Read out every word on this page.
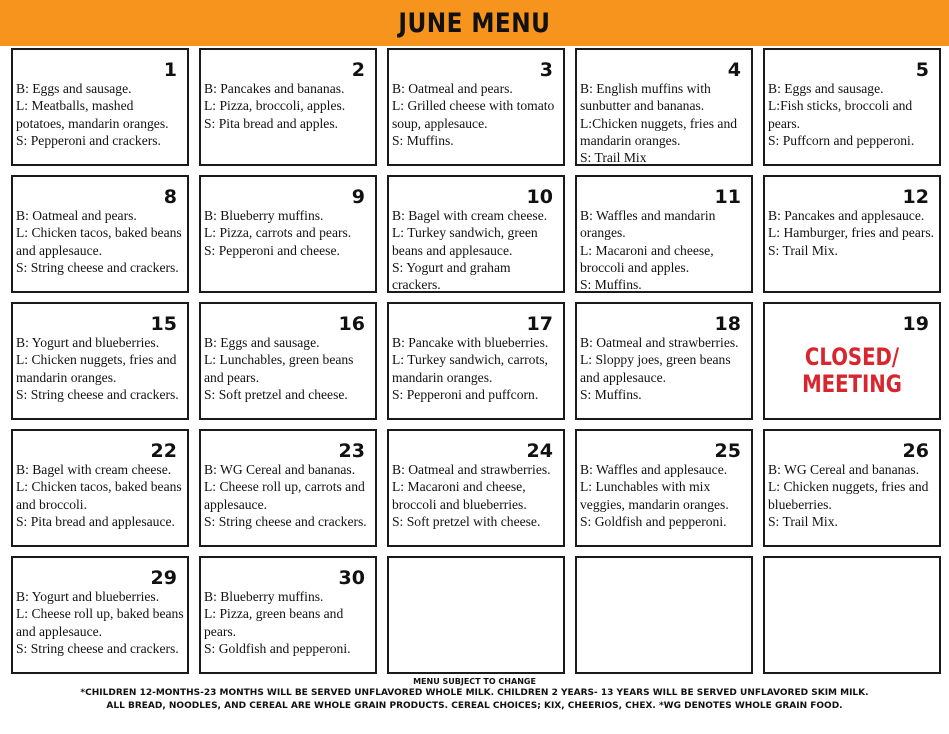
JUNE MENU
1
B: Eggs and sausage.
L: Meatballs, mashed potatoes, mandarin oranges.
S: Pepperoni and crackers.
2
B: Pancakes and bananas.
L: Pizza, broccoli, apples.
S: Pita bread and apples.
3
B: Oatmeal and pears.
L: Grilled cheese with tomato soup, applesauce.
S: Muffins.
4
B: English muffins with sunbutter and bananas.
L:Chicken nuggets, fries and mandarin oranges.
S: Trail Mix
5
B: Eggs and sausage.
L:Fish sticks, broccoli and pears.
S: Puffcorn and pepperoni.
8
B: Oatmeal and pears.
L: Chicken tacos, baked beans and applesauce.
S: String cheese and crackers.
9
B: Blueberry muffins.
L: Pizza, carrots and pears.
S: Pepperoni and cheese.
10
B: Bagel with cream cheese.
L: Turkey sandwich, green beans and applesauce.
S: Yogurt and graham crackers.
11
B: Waffles and mandarin oranges.
L: Macaroni and cheese, broccoli and apples.
S: Muffins.
12
B: Pancakes and applesauce.
L: Hamburger, fries and pears.
S: Trail Mix.
15
B: Yogurt and blueberries.
L: Chicken nuggets, fries and mandarin oranges.
S: String cheese and crackers.
16
B: Eggs and sausage.
L: Lunchables, green beans and pears.
S: Soft pretzel and cheese.
17
B: Pancake with blueberries.
L: Turkey sandwich, carrots, mandarin oranges.
S: Pepperoni and puffcorn.
18
B: Oatmeal and strawberries.
L: Sloppy joes, green beans and applesauce.
S: Muffins.
19
CLOSED/ MEETING
22
B: Bagel with cream cheese.
L: Chicken tacos, baked beans and broccoli.
S: Pita bread and applesauce.
23
B: WG Cereal and bananas.
L: Cheese roll up, carrots and applesauce.
S: String cheese and crackers.
24
B: Oatmeal and strawberries.
L: Macaroni and cheese, broccoli and blueberries.
S: Soft pretzel with cheese.
25
B: Waffles and applesauce.
L: Lunchables with mix veggies, mandarin oranges.
S: Goldfish and pepperoni.
26
B: WG Cereal and bananas.
L: Chicken nuggets, fries and blueberries.
S: Trail Mix.
29
B: Yogurt and blueberries.
L: Cheese roll up, baked beans and applesauce.
S: String cheese and crackers.
30
B: Blueberry muffins.
L: Pizza, green beans and pears.
S: Goldfish and pepperoni.
MENU SUBJECT TO CHANGE
*CHILDREN 12-MONTHS-23 MONTHS WILL BE SERVED UNFLAVORED WHOLE MILK. CHILDREN 2 YEARS- 13 YEARS WILL BE SERVED UNFLAVORED SKIM MILK.
ALL BREAD, NOODLES, AND CEREAL ARE WHOLE GRAIN PRODUCTS. CEREAL CHOICES; KIX, CHEERIOS, CHEX. *WG DENOTES WHOLE GRAIN FOOD.
